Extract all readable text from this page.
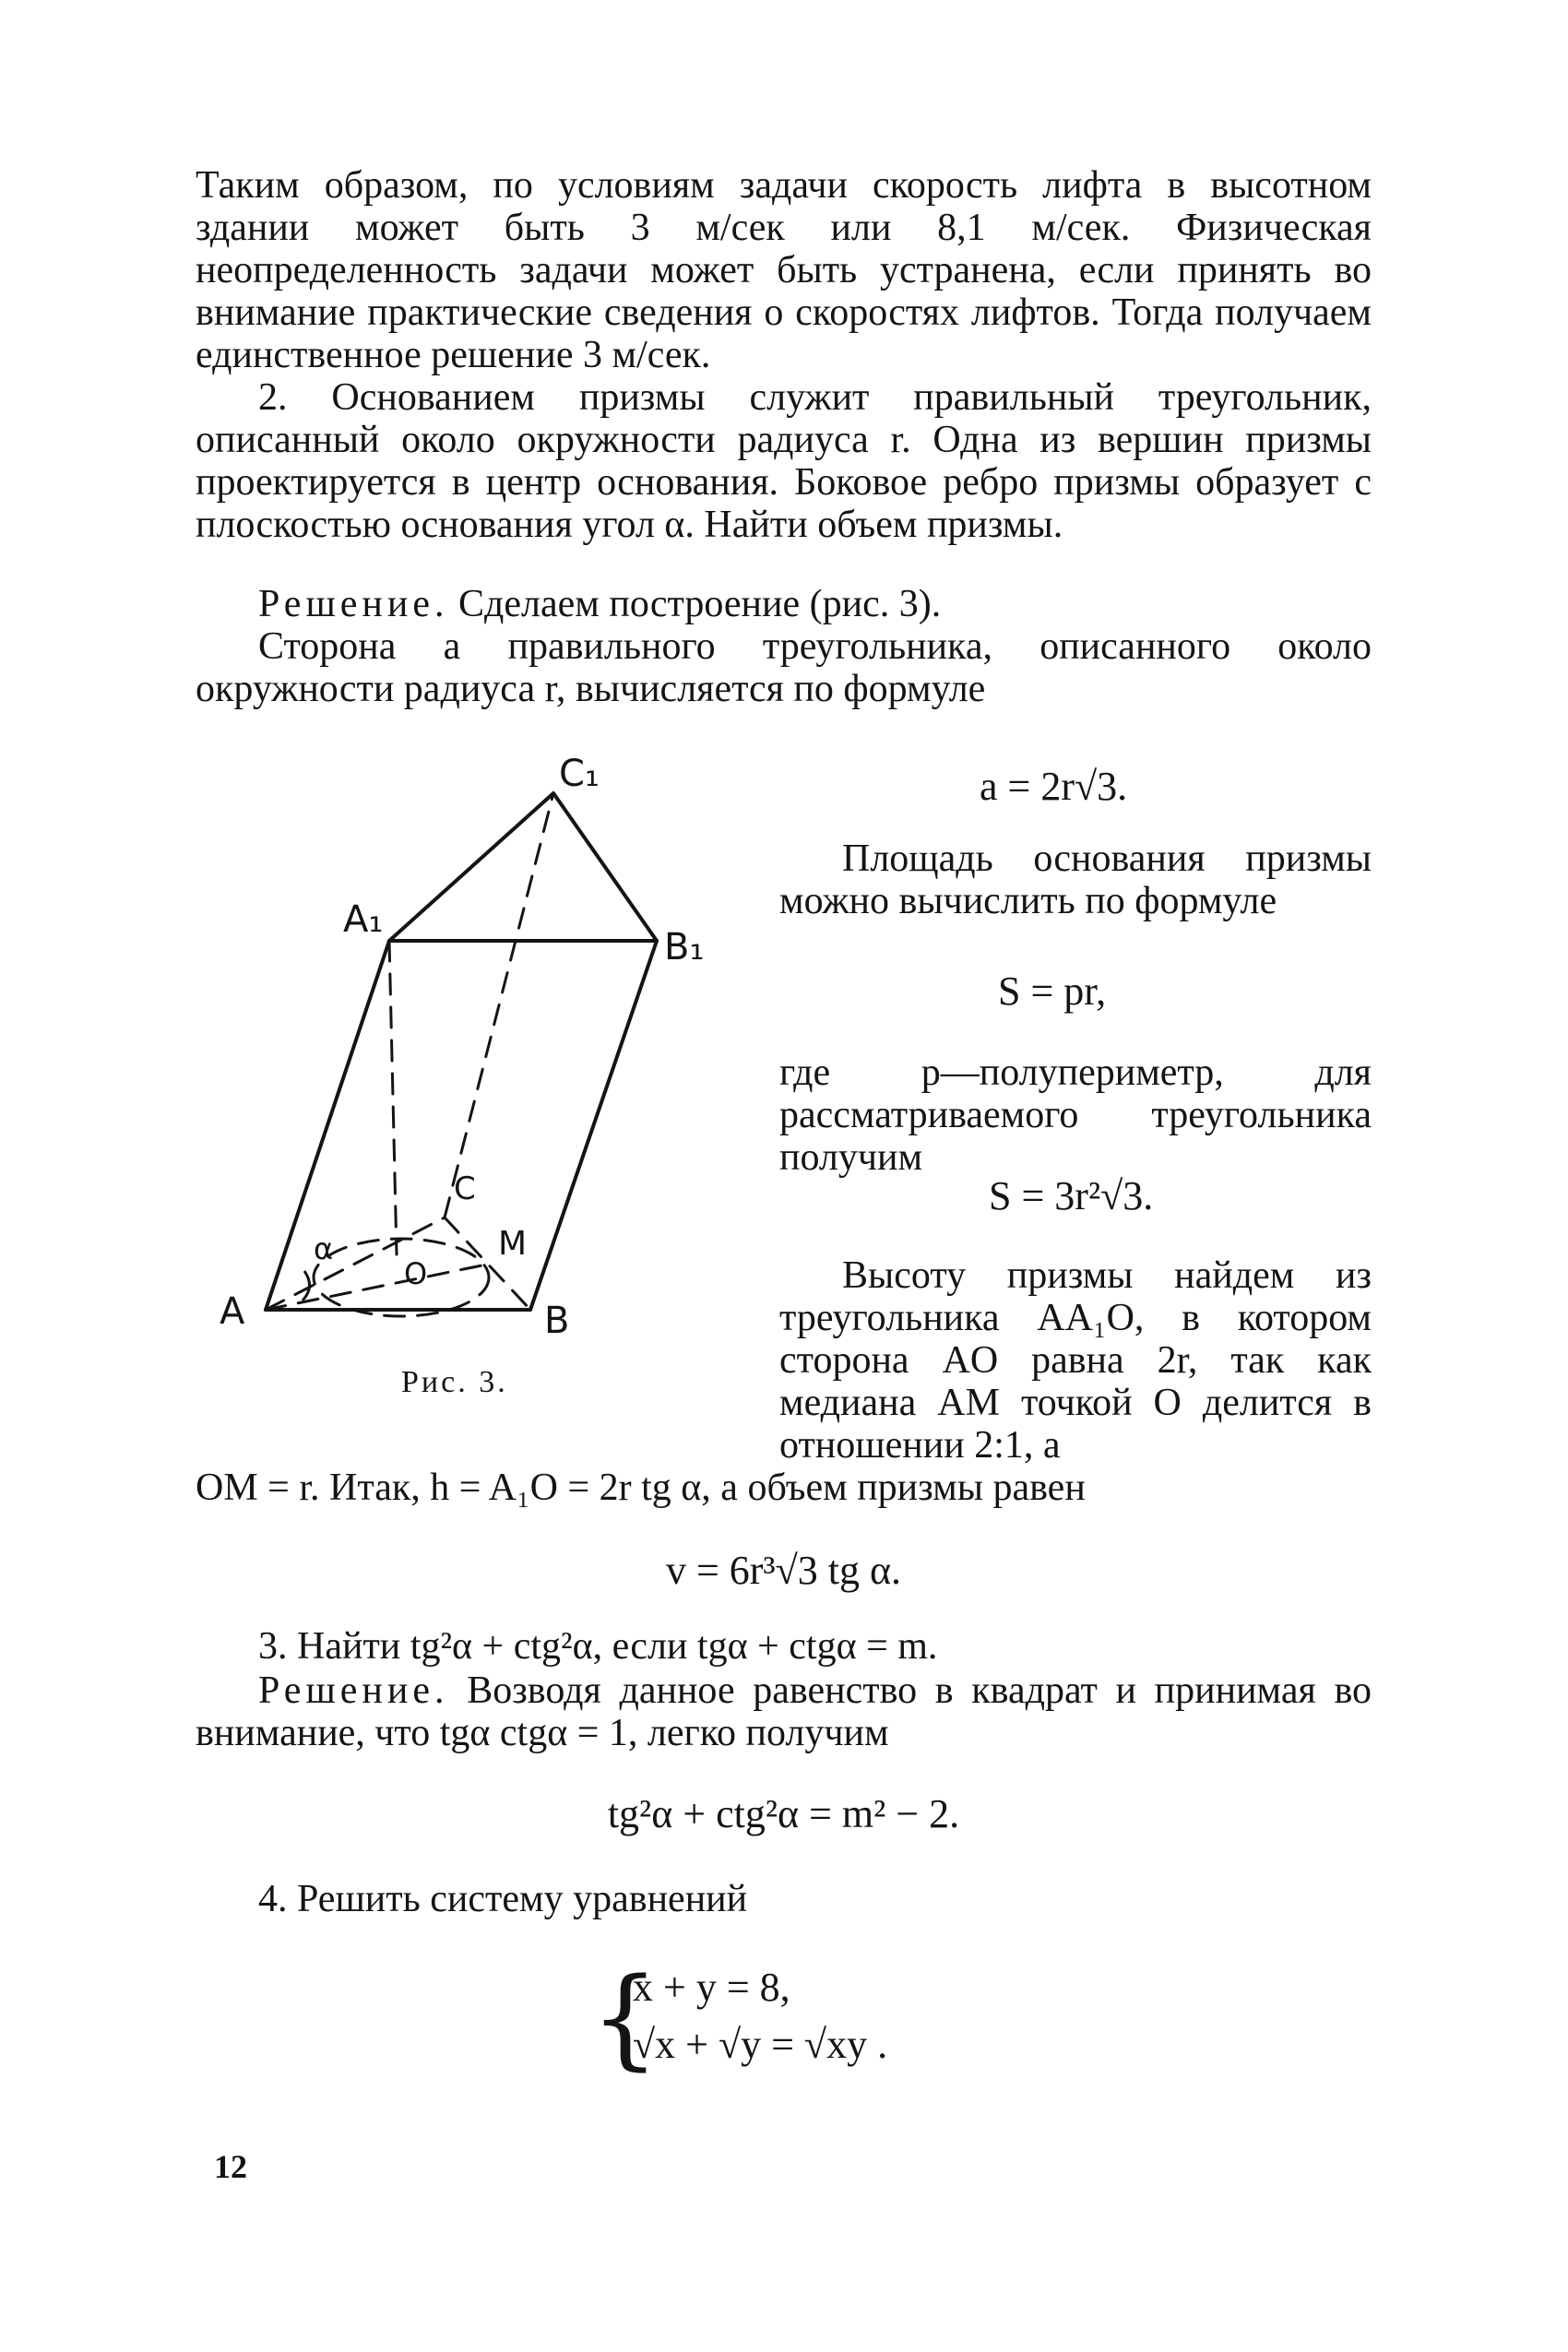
Таким образом, по условиям задачи скорость лифта в высотном здании может быть 3 м/сек или 8,1 м/сек. Физическая неопределенность задачи может быть устранена, если принять во внимание практические сведения о скоростях лифтов. Тогда получаем единственное решение 3 м/сек.

2. Основанием призмы служит правильный треугольник, описанный около окружности радиуса r. Одна из вершин призмы проектируется в центр основания. Боковое ребро призмы образует с плоскостью основания угол α. Найти объем призмы.

Решение. Сделаем построение (рис. 3).

Сторона a правильного треугольника, описанного около окружности радиуса r, вычисляется по формуле

C₁
A₁
B₁
A	B
C
M
O
α
Рис. 3.
a = 2r√3.

Площадь основания призмы можно вычислить по формуле

S = pr,

где p—полупериметр, для рассматриваемого треугольника получим

S = 3r²√3.

Высоту призмы найдем из треугольника AA₁O, в котором сторона AO равна 2r, так как медиана AM точкой O делится в отношении 2:1, а

OM = r. Итак, h = A₁O = 2r tg α, а объем призмы равен

v = 6r³√3 tg α.

3. Найти tg²α + ctg²α, если tgα + ctgα = m.

Решение. Возводя данное равенство в квадрат и принимая во внимание, что tgα ctgα = 1, легко получим

tg²α + ctg²α = m² − 2.

4. Решить систему уравнений

{
x + y = 8,
√x + √y = √xy .
12
